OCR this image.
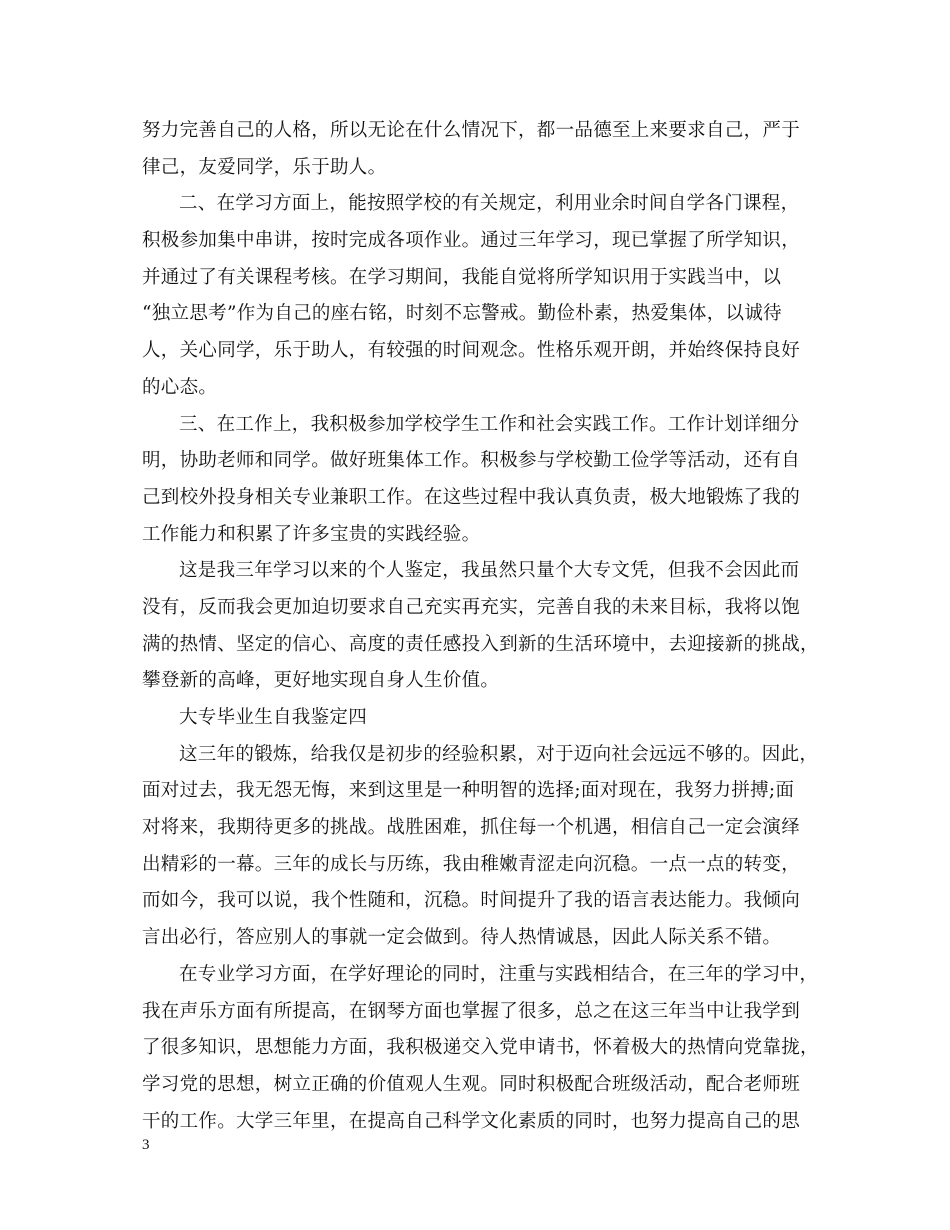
努力完善自己的人格，所以无论在什么情况下，都一品德至上来要求自己，严于
律己，友爱同学，乐于助人。
二、在学习方面上，能按照学校的有关规定，利用业余时间自学各门课程，
积极参加集中串讲，按时完成各项作业。通过三年学习，现已掌握了所学知识，
并通过了有关课程考核。在学习期间，我能自觉将所学知识用于实践当中，以
“独立思考”作为自己的座右铭，时刻不忘警戒。勤俭朴素，热爱集体，以诚待
人，关心同学，乐于助人，有较强的时间观念。性格乐观开朗，并始终保持良好
的心态。
三、在工作上，我积极参加学校学生工作和社会实践工作。工作计划详细分
明，协助老师和同学。做好班集体工作。积极参与学校勤工俭学等活动，还有自
己到校外投身相关专业兼职工作。在这些过程中我认真负责，极大地锻炼了我的
工作能力和积累了许多宝贵的实践经验。
这是我三年学习以来的个人鉴定，我虽然只量个大专文凭，但我不会因此而
没有，反而我会更加迫切要求自己充实再充实，完善自我的未来目标，我将以饱
满的热情、坚定的信心、高度的责任感投入到新的生活环境中，去迎接新的挑战，
攀登新的高峰，更好地实现自身人生价值。
大专毕业生自我鉴定四
这三年的锻炼，给我仅是初步的经验积累，对于迈向社会远远不够的。因此，
面对过去，我无怨无悔，来到这里是一种明智的选择;面对现在，我努力拼搏;面
对将来，我期待更多的挑战。战胜困难，抓住每一个机遇，相信自己一定会演绎
出精彩的一幕。三年的成长与历练，我由稚嫩青涩走向沉稳。一点一点的转变，
而如今，我可以说，我个性随和，沉稳。时间提升了我的语言表达能力。我倾向
言出必行，答应别人的事就一定会做到。待人热情诚恳，因此人际关系不错。
在专业学习方面，在学好理论的同时，注重与实践相结合，在三年的学习中，
我在声乐方面有所提高，在钢琴方面也掌握了很多，总之在这三年当中让我学到
了很多知识，思想能力方面，我积极递交入党申请书，怀着极大的热情向党靠拢，
学习党的思想，树立正确的价值观人生观。同时积极配合班级活动，配合老师班
干的工作。大学三年里，在提高自己科学文化素质的同时，也努力提高自己的思
3
